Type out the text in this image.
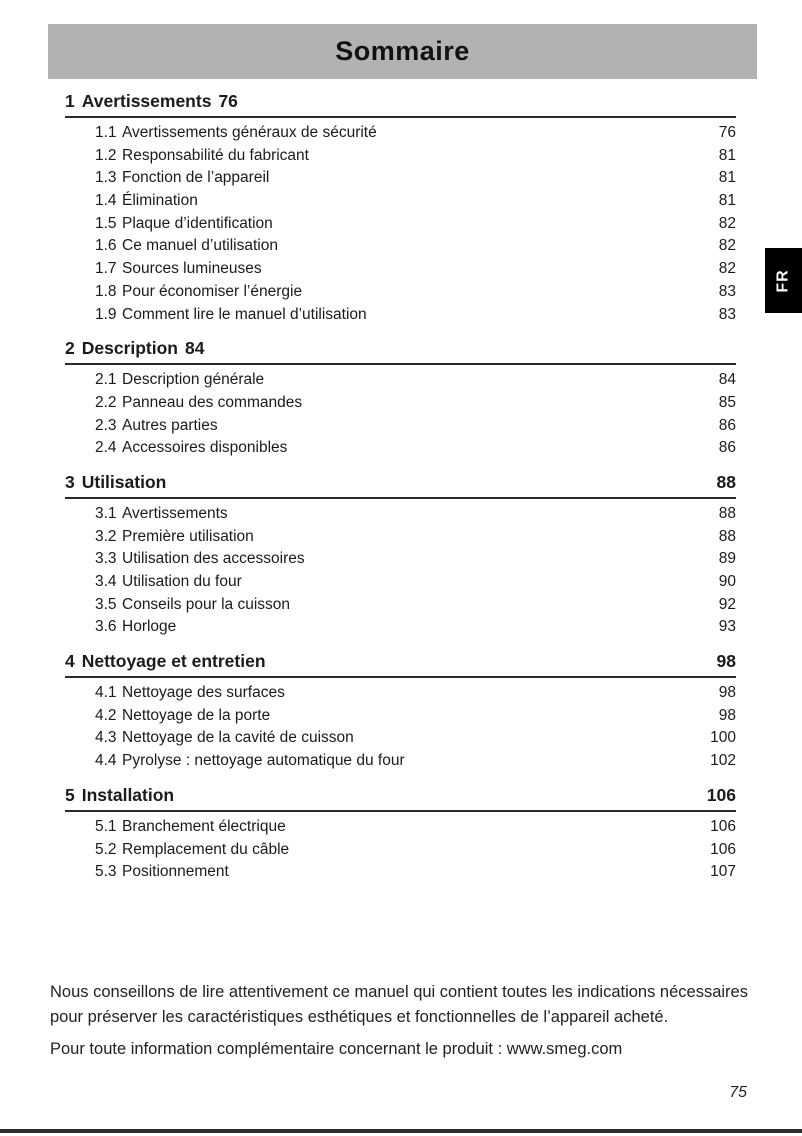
Sommaire
FR
1 Avertissements 76
1.1 Avertissements généraux de sécurité	76
1.2 Responsabilité du fabricant	81
1.3 Fonction de l’appareil	81
1.4 Élimination	81
1.5 Plaque d’identification	82
1.6 Ce manuel d’utilisation	82
1.7 Sources lumineuses	82
1.8 Pour économiser l’énergie	83
1.9 Comment lire le manuel d’utilisation	83
2 Description 84
2.1 Description générale	84
2.2 Panneau des commandes	85
2.3 Autres parties	86
2.4 Accessoires disponibles	86
3 Utilisation	88
3.1 Avertissements	88
3.2 Première utilisation	88
3.3 Utilisation des accessoires	89
3.4 Utilisation du four	90
3.5 Conseils pour la cuisson	92
3.6 Horloge	93
4 Nettoyage et entretien	98
4.1 Nettoyage des surfaces	98
4.2 Nettoyage de la porte	98
4.3 Nettoyage de la cavité de cuisson	100
4.4 Pyrolyse : nettoyage automatique du four	102
5 Installation	106
5.1 Branchement électrique	106
5.2 Remplacement du câble	106
5.3 Positionnement	107

Nous conseillons de lire attentivement ce manuel qui contient toutes les indications nécessaires pour préserver les caractéristiques esthétiques et fonctionnelles de l’appareil acheté.

Pour toute information complémentaire concernant le produit : www.smeg.com

75
